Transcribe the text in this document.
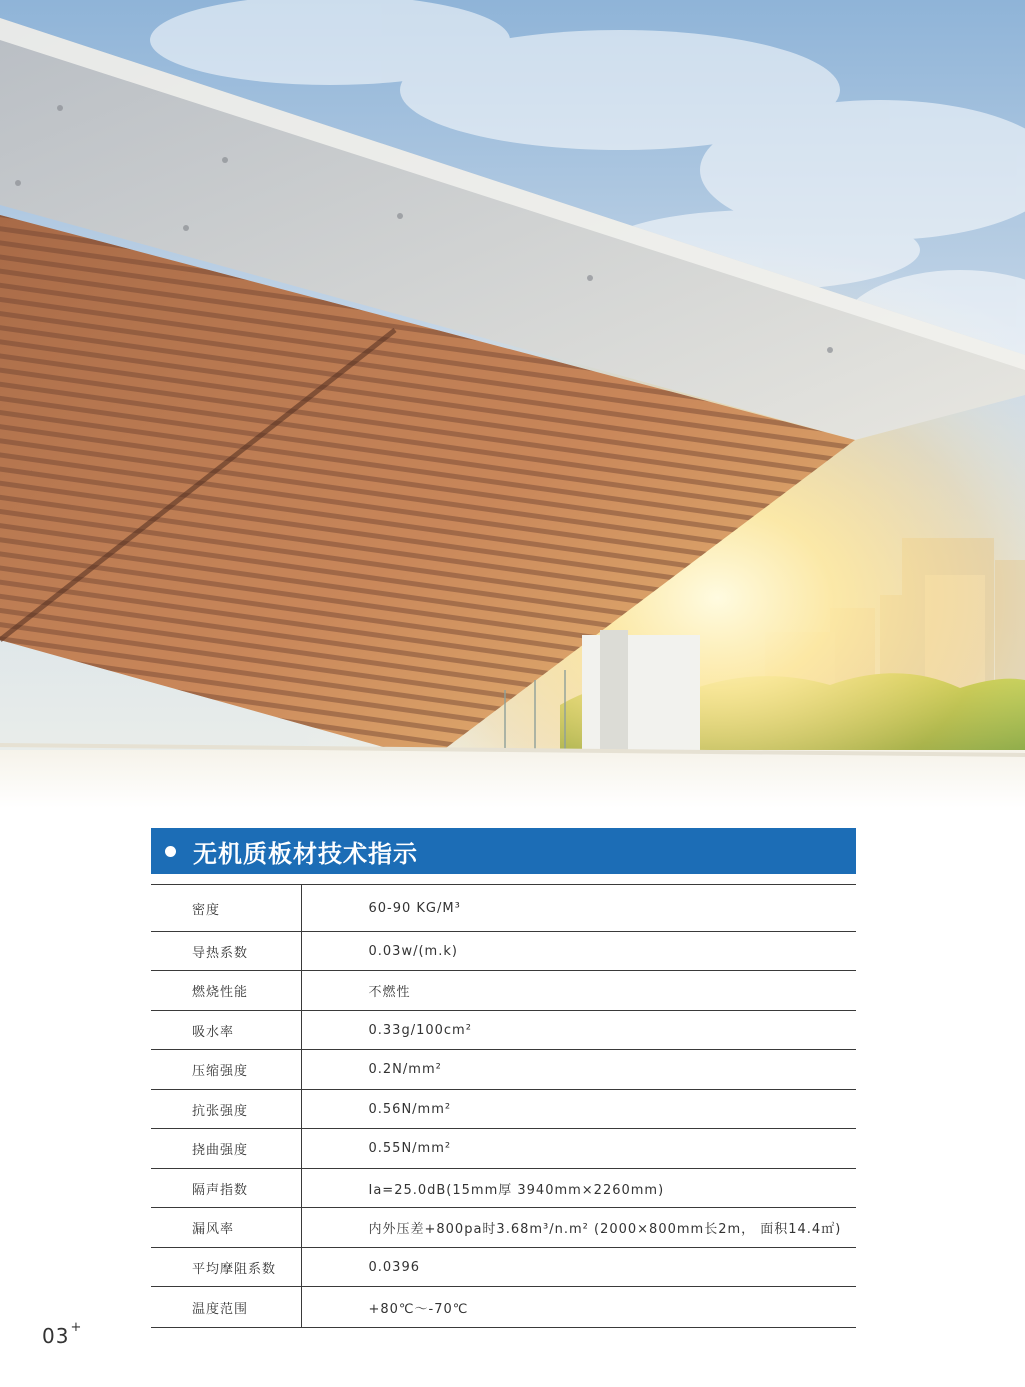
无机质板材技术指示
密度	60-90 KG/M³
导热系数	0.03w/(m.k)
燃烧性能	不燃性
吸水率	0.33g/100cm²
压缩强度	0.2N/mm²
抗张强度	0.56N/mm²
挠曲强度	0.55N/mm²
隔声指数	Ia=25.0dB(15mm厚 3940mm×2260mm)
漏风率	内外压差+800pa时3.68m³/n.m² (2000×800mm长2m， 面积14.4㎡)
平均摩阻系数	0.0396
温度范围	+80℃～-70℃
03+
